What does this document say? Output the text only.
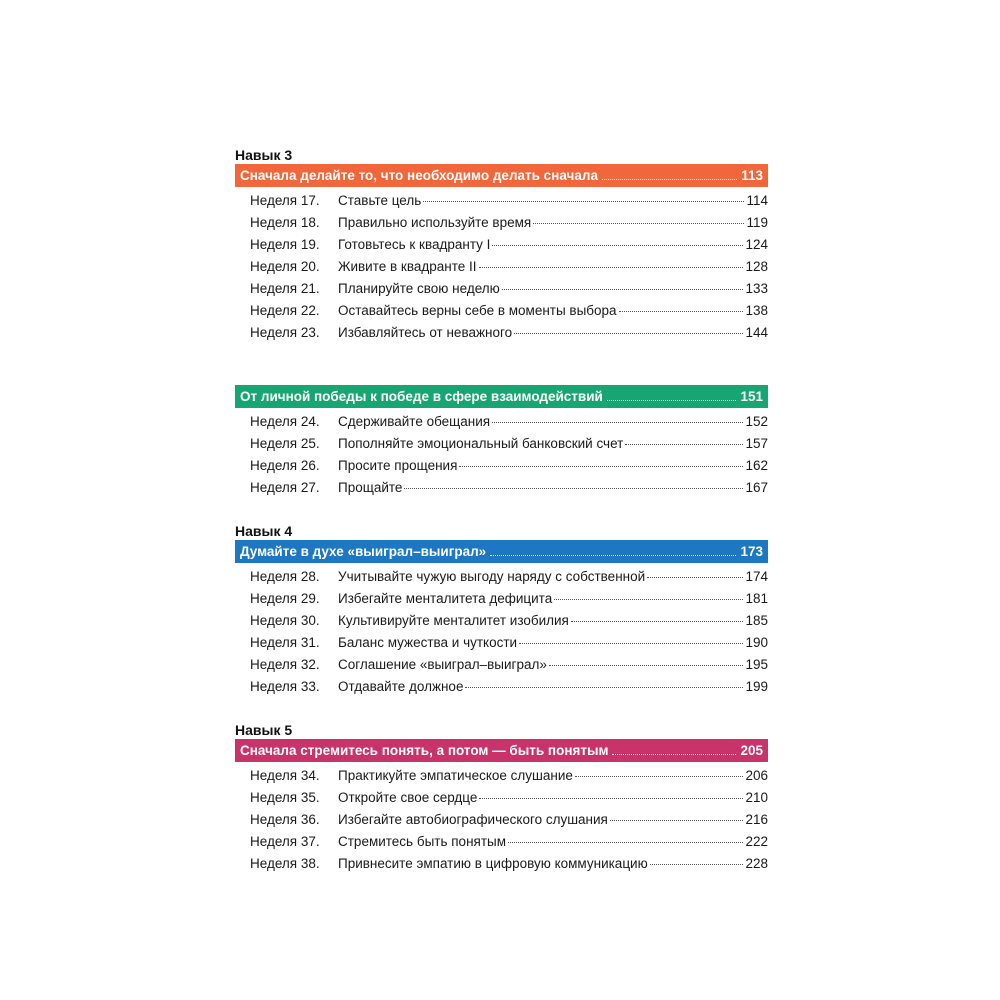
Навык 3
Сначала делайте то, что необходимо делать сначала	113
Неделя 17.	Ставьте цель	114
Неделя 18.	Правильно используйте время	119
Неделя 19.	Готовьтесь к квадранту I	124
Неделя 20.	Живите в квадранте II	128
Неделя 21.	Планируйте свою неделю	133
Неделя 22.	Оставайтесь верны себе в моменты выбора	138
Неделя 23.	Избавляйтесь от неважного	144
От личной победы к победе в сфере взаимодействий	151
Неделя 24.	Сдерживайте обещания	152
Неделя 25.	Пополняйте эмоциональный банковский счет	157
Неделя 26.	Просите прощения	162
Неделя 27.	Прощайте	167
Навык 4
Думайте в духе «выиграл–выиграл»	173
Неделя 28.	Учитывайте чужую выгоду наряду с собственной	174
Неделя 29.	Избегайте менталитета дефицита	181
Неделя 30.	Культивируйте менталитет изобилия	185
Неделя 31.	Баланс мужества и чуткости	190
Неделя 32.	Соглашение «выиграл–выиграл»	195
Неделя 33.	Отдавайте должное	199
Навык 5
Сначала стремитесь понять, а потом — быть понятым	205
Неделя 34.	Практикуйте эмпатическое слушание	206
Неделя 35.	Откройте свое сердце	210
Неделя 36.	Избегайте автобиографического слушания	216
Неделя 37.	Стремитесь быть понятым	222
Неделя 38.	Привнесите эмпатию в цифровую коммуникацию	228
